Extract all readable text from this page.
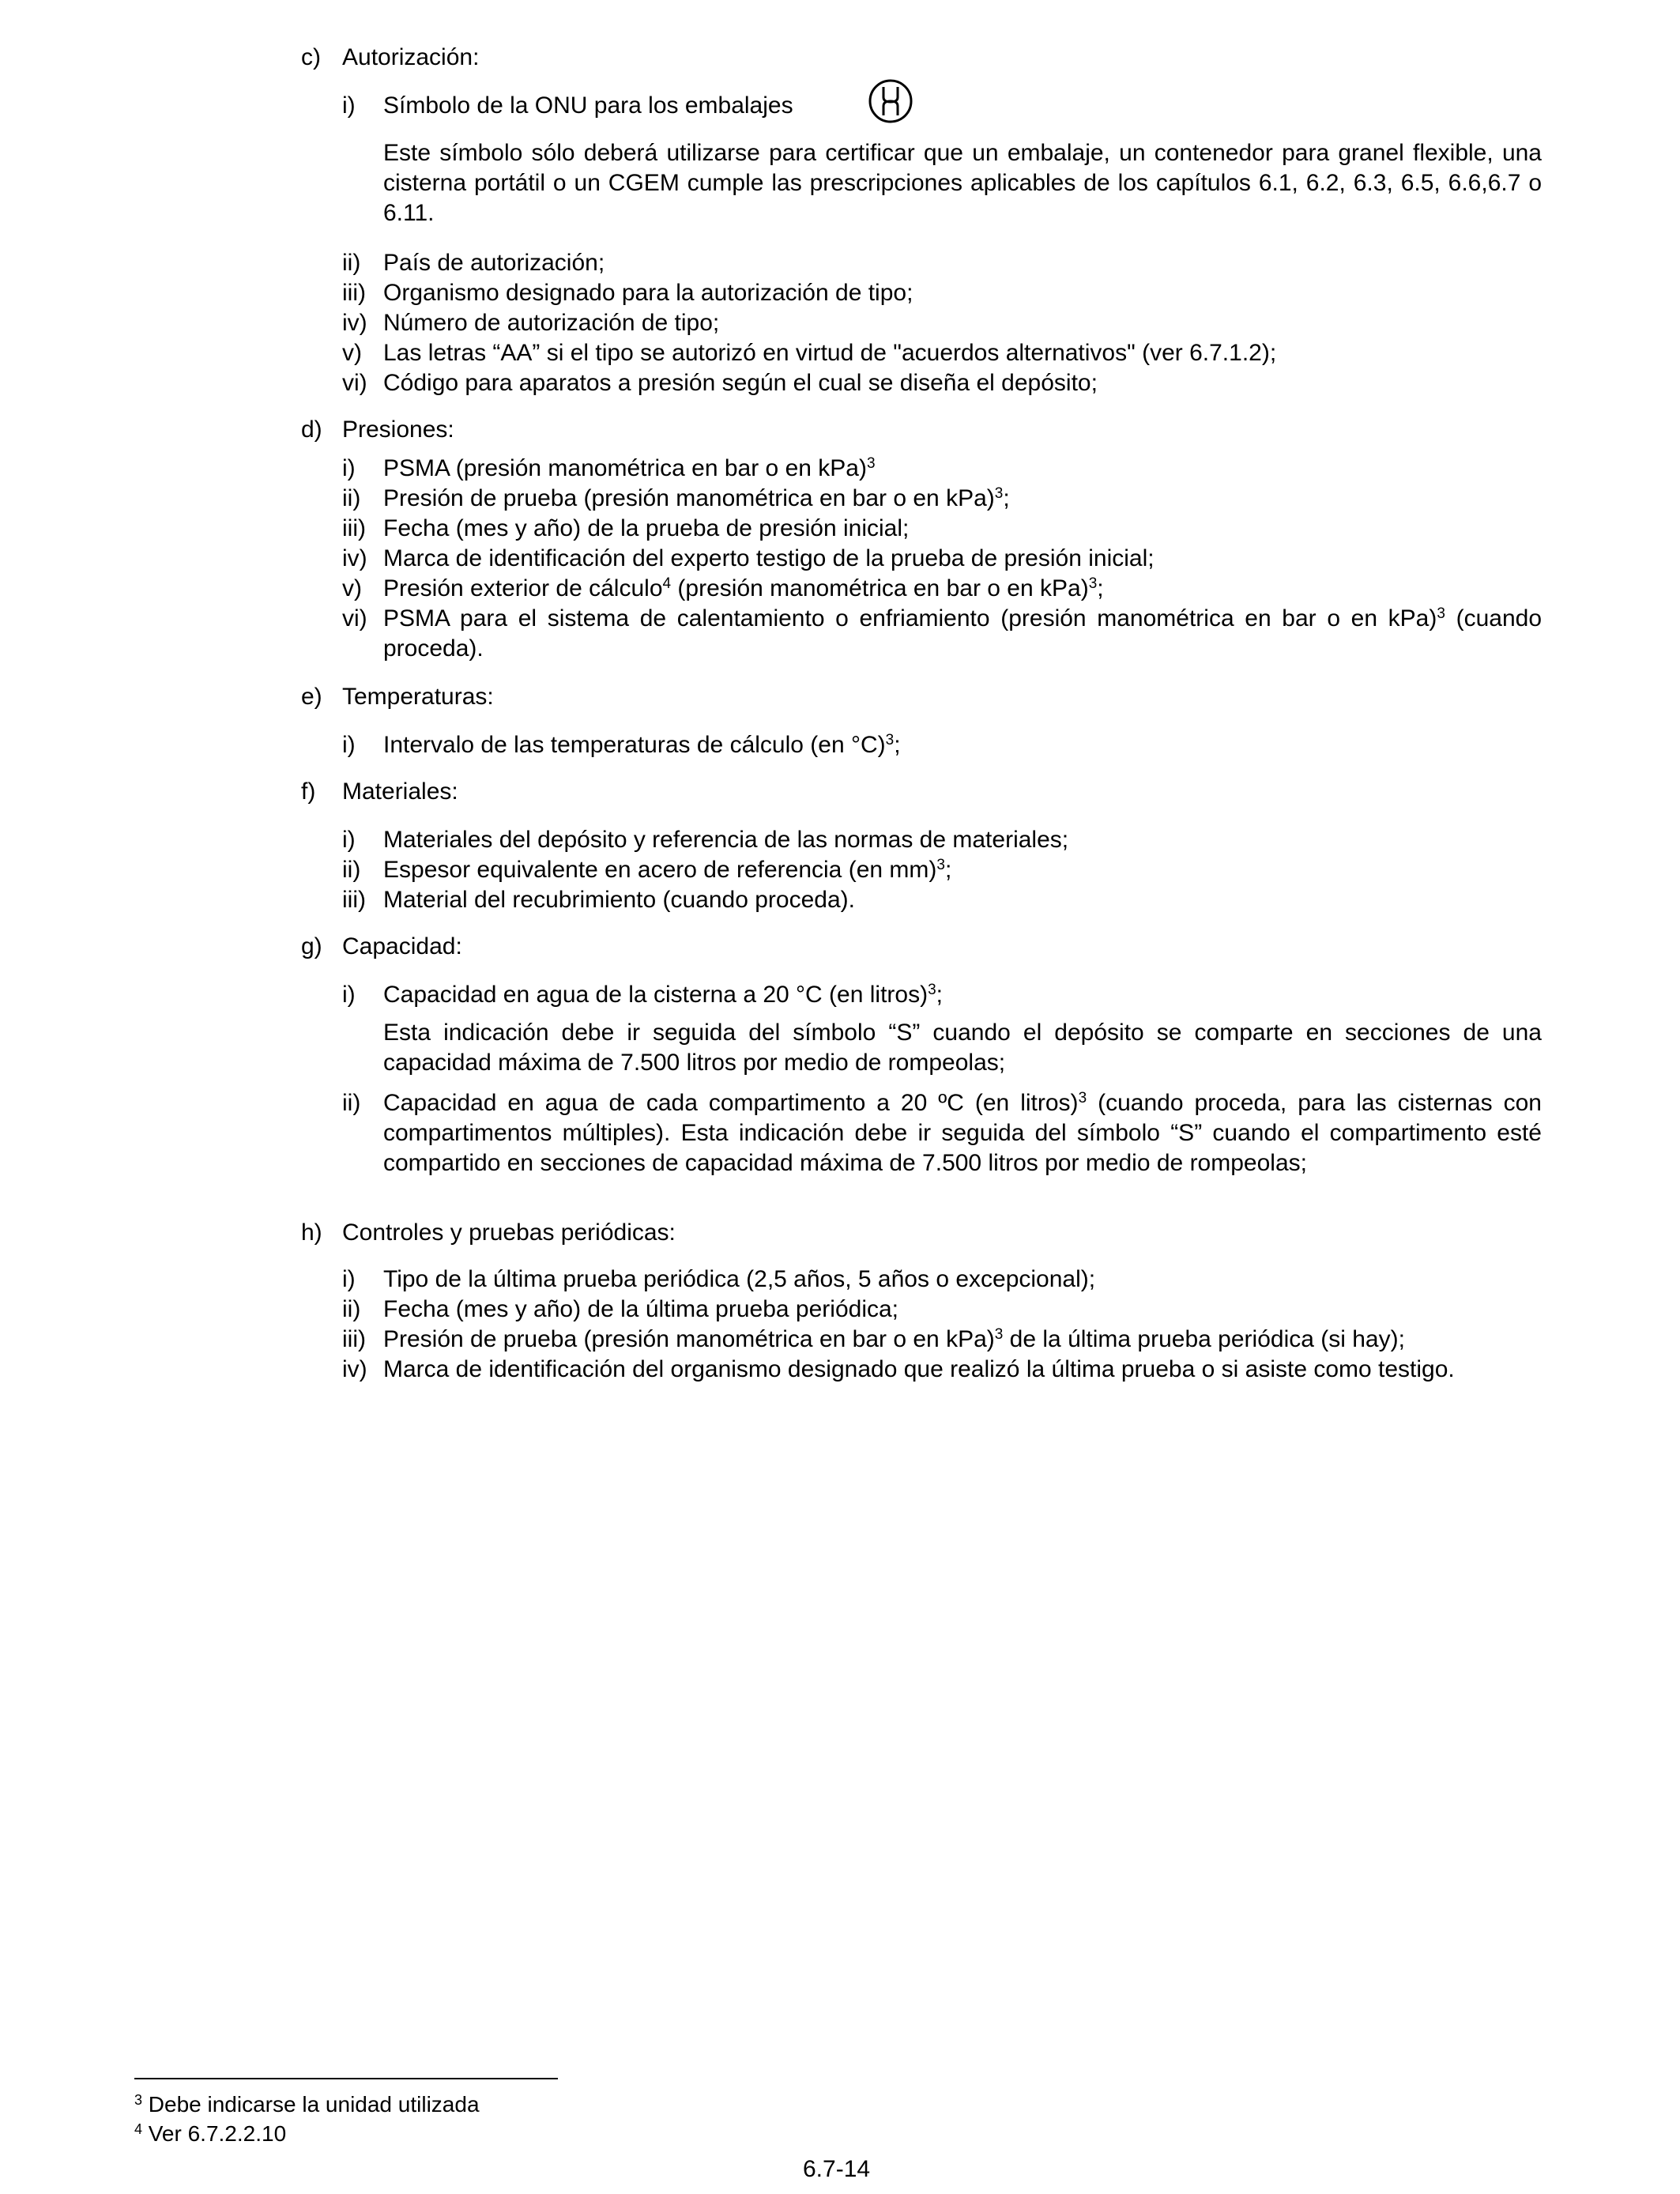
c) Autorización:
i) Símbolo de la ONU para los embalajes
Este símbolo sólo deberá utilizarse para certificar que un embalaje, un contenedor para granel flexible, una cisterna portátil o un CGEM cumple las prescripciones aplicables de los capítulos 6.1, 6.2, 6.3, 6.5, 6.6,6.7 o 6.11.
ii) País de autorización;
iii) Organismo designado para la autorización de tipo;
iv) Número de autorización de tipo;
v) Las letras “AA” si el tipo se autorizó en virtud de "acuerdos alternativos" (ver 6.7.1.2);
vi) Código para aparatos a presión según el cual se diseña el depósito;
d) Presiones:
i) PSMA (presión manométrica en bar o en kPa)$^3$
ii) Presión de prueba (presión manométrica en bar o en kPa)$^3$;
iii) Fecha (mes y año) de la prueba de presión inicial;
iv) Marca de identificación del experto testigo de la prueba de presión inicial;
v) Presión exterior de cálculo$^4$ (presión manométrica en bar o en kPa)$^3$;
vi) PSMA para el sistema de calentamiento o enfriamiento (presión manométrica en bar o en kPa)$^3$ (cuando proceda).
e) Temperaturas:
i) Intervalo de las temperaturas de cálculo (en °C)$^3$;
f) Materiales:
i) Materiales del depósito y referencia de las normas de materiales;
ii) Espesor equivalente en acero de referencia (en mm)$^3$;
iii) Material del recubrimiento (cuando proceda).
g) Capacidad:
i) Capacidad en agua de la cisterna a 20 °C (en litros)$^3$;
Esta indicación debe ir seguida del símbolo “S” cuando el depósito se comparte en secciones de una capacidad máxima de 7.500 litros por medio de rompeolas;
ii) Capacidad en agua de cada compartimento a 20 ºC (en litros)$^3$ (cuando proceda, para las cisternas con compartimentos múltiples). Esta indicación debe ir seguida del símbolo “S” cuando el compartimento esté compartido en secciones de capacidad máxima de 7.500 litros por medio de rompeolas;
h) Controles y pruebas periódicas:
i) Tipo de la última prueba periódica (2,5 años, 5 años o excepcional);
ii) Fecha (mes y año) de la última prueba periódica;
iii) Presión de prueba (presión manométrica en bar o en kPa)$^3$ de la última prueba periódica (si hay);
iv) Marca de identificación del organismo designado que realizó la última prueba o si asiste como testigo.
$^3$ Debe indicarse la unidad utilizada
$^4$ Ver 6.7.2.2.10
6.7-14
